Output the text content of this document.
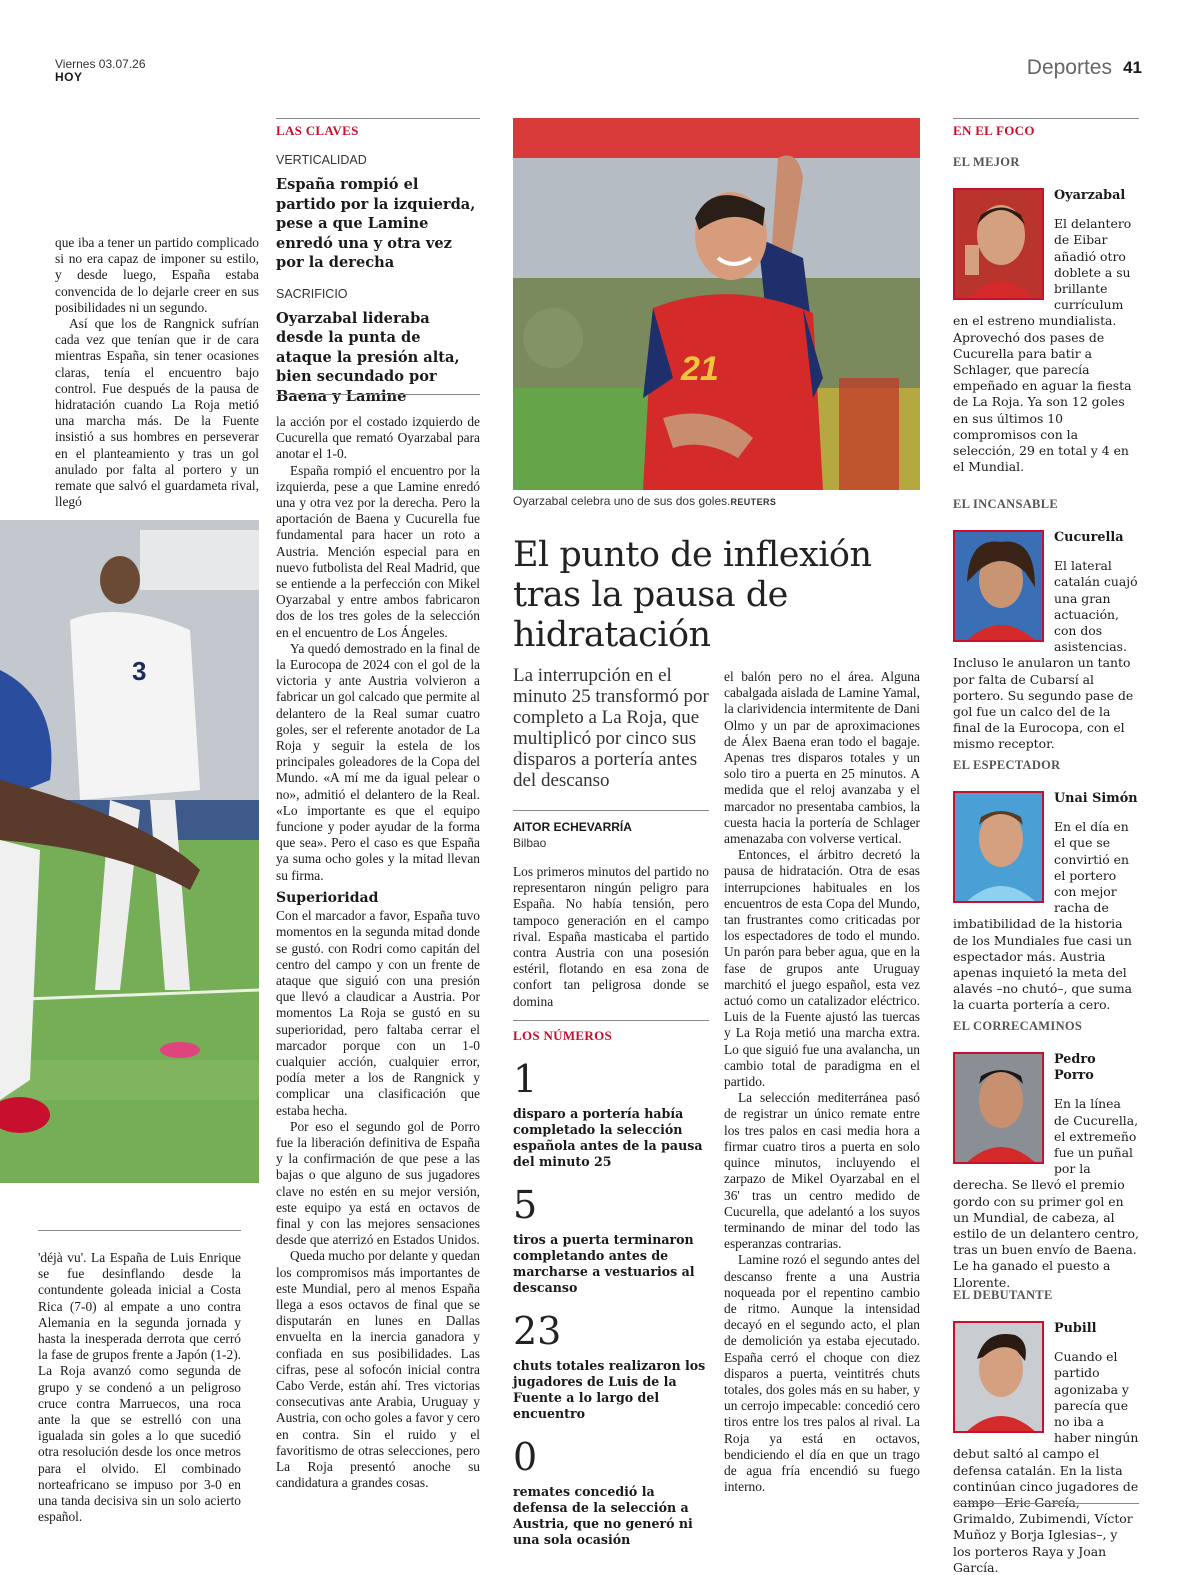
Viernes 03.07.26
HOY	Deportes 41

que iba a tener un partido complicado si no era capaz de imponer su estilo, y desde luego, España estaba convencida de lo dejarle creer en sus posibilidades ni un segundo.

Así que los de Rangnick sufrían cada vez que tenían que ir de cara mientras España, sin tener ocasiones claras, tenía el encuentro bajo control. Fue después de la pausa de hidratación cuando La Roja metió una marcha más. De la Fuente insistió a sus hombres en perseverar en el planteamiento y tras un gol anulado por falta al portero y un remate que salvó el guardameta rival, llegó

3

'déjà vu'. La España de Luis Enrique se fue desinflando desde la contundente goleada inicial a Costa Rica (7-0) al empate a uno contra Alemania en la segunda jornada y hasta la inesperada derrota que cerró la fase de grupos frente a Japón (1-2). La Roja avanzó como segunda de grupo y se condenó a un peligroso cruce contra Marruecos, una roca ante la que se estrelló con una igualada sin goles a lo que sucedió otra resolución desde los once metros para el olvido. El combinado norteafricano se impuso por 3-0 en una tanda decisiva sin un solo acierto español.

LAS CLAVES
VERTICALIDAD
España rompió el partido por la izquierda, pese a que Lamine enredó una y otra vez por la derecha
SACRIFICIO
Oyarzabal lideraba desde la punta de ataque la presión alta, bien secundado por Baena y Lamine

la acción por el costado izquierdo de Cucurella que remató Oyarzabal para anotar el 1-0.

España rompió el encuentro por la izquierda, pese a que Lamine enredó una y otra vez por la derecha. Pero la aportación de Baena y Cucurella fue fundamental para hacer un roto a Austria. Mención especial para en nuevo futbolista del Real Madrid, que se entiende a la perfección con Mikel Oyarzabal y entre ambos fabricaron dos de los tres goles de la selección en el encuentro de Los Ángeles.

Ya quedó demostrado en la final de la Eurocopa de 2024 con el gol de la victoria y ante Austria volvieron a fabricar un gol calcado que permite al delantero de la Real sumar cuatro goles, ser el referente anotador de La Roja y seguir la estela de los principales goleadores de la Copa del Mundo. «A mí me da igual pelear o no», admitió el delantero de la Real. «Lo importante es que el equipo funcione y poder ayudar de la forma que sea». Pero el caso es que España ya suma ocho goles y la mitad llevan su firma.

Superioridad

Con el marcador a favor, España tuvo momentos en la segunda mitad donde se gustó. con Rodri como capitán del centro del campo y con un frente de ataque que siguió con una presión que llevó a claudicar a Austria. Por momentos La Roja se gustó en su superioridad, pero faltaba cerrar el marcador porque con un 1-0 cualquier acción, cualquier error, podía meter a los de Rangnick y complicar una clasificación que estaba hecha.

Por eso el segundo gol de Porro fue la liberación definitiva de España y la confirmación de que pese a las bajas o que alguno de sus jugadores clave no estén en su mejor versión, este equipo ya está en octavos de final y con las mejores sensaciones desde que aterrizó en Estados Unidos.

Queda mucho por delante y quedan los compromisos más importantes de este Mundial, pero al menos España llega a esos octavos de final que se disputarán en lunes en Dallas envuelta en la inercia ganadora y confiada en sus posibilidades. Las cifras, pese al sofocón inicial contra Cabo Verde, están ahí. Tres victorias consecutivas ante Arabia, Uruguay y Austria, con ocho goles a favor y cero en contra. Sin el ruido y el favoritismo de otras selecciones, pero La Roja presentó anoche su candidatura a grandes cosas.

21
Oyarzabal celebra uno de sus dos goles.REUTERS
El punto de inflexión tras la pausa de hidratación
La interrupción en el minuto 25 transformó por completo a La Roja, que multiplicó por cinco sus disparos a portería antes del descanso
AITOR ECHEVARRÍA
Bilbao

Los primeros minutos del partido no representaron ningún peligro para España. No había tensión, pero tampoco generación en el campo rival. España masticaba el partido contra Austria con una posesión estéril, flotando en esa zona de confort tan peligrosa donde se domina

LOS NÚMEROS
1
disparo a portería había completado la selección española antes de la pausa del minuto 25
5
tiros a puerta terminaron completando antes de marcharse a vestuarios al descanso
23
chuts totales realizaron los jugadores de Luis de la Fuente a lo largo del encuentro
0
remates concedió la defensa de la selección a Austria, que no generó ni una sola ocasión

el balón pero no el área. Alguna cabalgada aislada de Lamine Yamal, la clarividencia intermitente de Dani Olmo y un par de aproximaciones de Álex Baena eran todo el bagaje. Apenas tres disparos totales y un solo tiro a puerta en 25 minutos. A medida que el reloj avanzaba y el marcador no presentaba cambios, la cuesta hacia la portería de Schlager amenazaba con volverse vertical.

Entonces, el árbitro decretó la pausa de hidratación. Otra de esas interrupciones habituales en los encuentros de esta Copa del Mundo, tan frustrantes como criticadas por los espectadores de todo el mundo. Un parón para beber agua, que en la fase de grupos ante Uruguay marchitó el juego español, esta vez actuó como un catalizador eléctrico. Luis de la Fuente ajustó las tuercas y La Roja metió una marcha extra. Lo que siguió fue una avalancha, un cambio total de paradigma en el partido.

La selección mediterránea pasó de registrar un único remate entre los tres palos en casi media hora a firmar cuatro tiros a puerta en solo quince minutos, incluyendo el zarpazo de Mikel Oyarzabal en el 36' tras un centro medido de Cucurella, que adelantó a los suyos terminando de minar del todo las esperanzas contrarias.

Lamine rozó el segundo antes del descanso frente a una Austria noqueada por el repentino cambio de ritmo. Aunque la intensidad decayó en el segundo acto, el plan de demolición ya estaba ejecutado. España cerró el choque con diez disparos a puerta, veintitrés chuts totales, dos goles más en su haber, y un cerrojo impecable: concedió cero tiros entre los tres palos al rival. La Roja ya está en octavos, bendiciendo el día en que un trago de agua fría encendió su fuego interno.

EN EL FOCO
EL MEJOR
Oyarzabal
El delantero de Eibar añadió otro doblete a su brillante currículum en el estreno mundialista. Aprovechó dos pases de Cucurella para batir a Schlager, que parecía empeñado en aguar la fiesta de La Roja. Ya son 12 goles en sus últimos 10 compromisos con la selección, 29 en total y 4 en el Mundial.
EL INCANSABLE
Cucurella
El lateral catalán cuajó una gran actuación, con dos asistencias. Incluso le anularon un tanto por falta de Cubarsí al portero. Su segundo pase de gol fue un calco del de la final de la Eurocopa, con el mismo receptor.
EL ESPECTADOR
Unai Simón
En el día en el que se convirtió en el portero con mejor racha de imbatibilidad de la historia de los Mundiales fue casi un espectador más. Austria apenas inquietó la meta del alavés –no chutó–, que suma la cuarta portería a cero.
EL CORRECAMINOS
Pedro Porro
En la línea de Cucurella, el extremeño fue un puñal por la derecha. Se llevó el premio gordo con su primer gol en un Mundial, de cabeza, al estilo de un delantero centro, tras un buen envío de Baena. Le ha ganado el puesto a Llorente.
EL DEBUTANTE
Pubill
Cuando el partido agonizaba y parecía que no iba a haber ningún debut saltó al campo el defensa catalán. En la lista continúan cinco jugadores de campo –Eric García, Grimaldo, Zubimendi, Víctor Muñoz y Borja Iglesias–, y los porteros Raya y Joan García.
